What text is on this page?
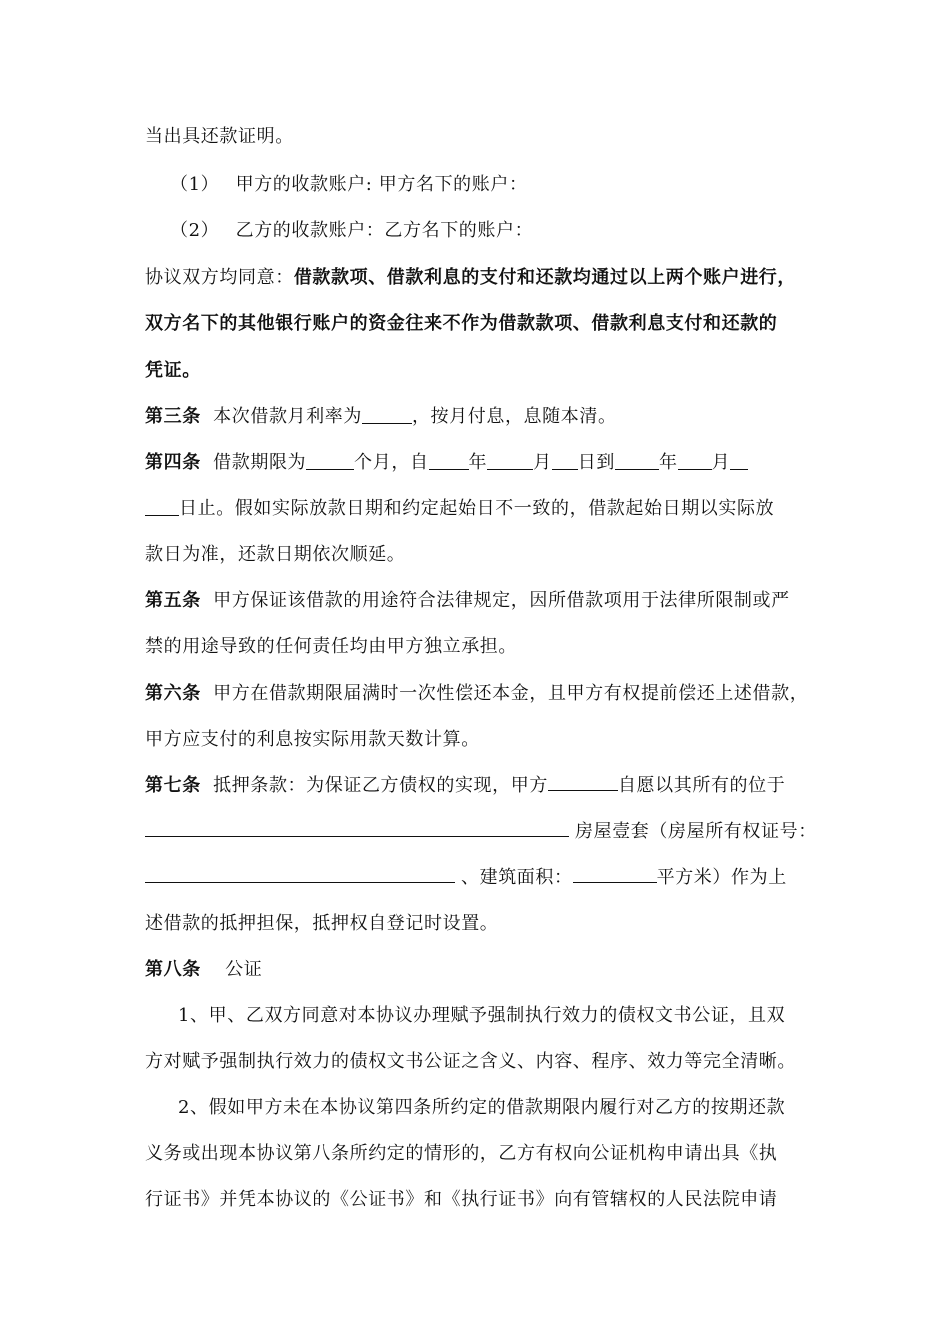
当出具还款证明。
（1） 甲方的收款账户: 甲方名下的账户：
（2） 乙方的收款账户：乙方名下的账户：
协议双方均同意：借款款项、借款利息的支付和还款均通过以上两个账户进行，
双方名下的其他银行账户的资金往来不作为借款款项、借款利息支付和还款的
凭证。
第三条 本次借款月利率为	，按月付息，息随本清。
第四条 借款期限为	个月，自 年	月 日到 年 月
日止。假如实际放款日期和约定起始日不一致的，借款起始日期以实际放
款日为准，还款日期依次顺延。
第五条 甲方保证该借款的用途符合法律规定，因所借款项用于法律所限制或严
禁的用途导致的任何责任均由甲方独立承担。
第六条 甲方在借款期限届满时一次性偿还本金，且甲方有权提前偿还上述借款，
甲方应支付的利息按实际用款天数计算。
第七条 抵押条款：为保证乙方债权的实现，甲方	自愿以其所有的位于
房屋壹套（房屋所有权证号：
、建筑面积：	平方米）作为上
述借款的抵押担保，抵押权自登记时设置。
第八条 公证
1、甲、乙双方同意对本协议办理赋予强制执行效力的债权文书公证，且双
方对赋予强制执行效力的债权文书公证之含义、内容、程序、效力等完全清晰。
2、假如甲方未在本协议第四条所约定的借款期限内履行对乙方的按期还款
义务或出现本协议第八条所约定的情形的，乙方有权向公证机构申请出具《执
行证书》并凭本协议的《公证书》和《执行证书》向有管辖权的人民法院申请
